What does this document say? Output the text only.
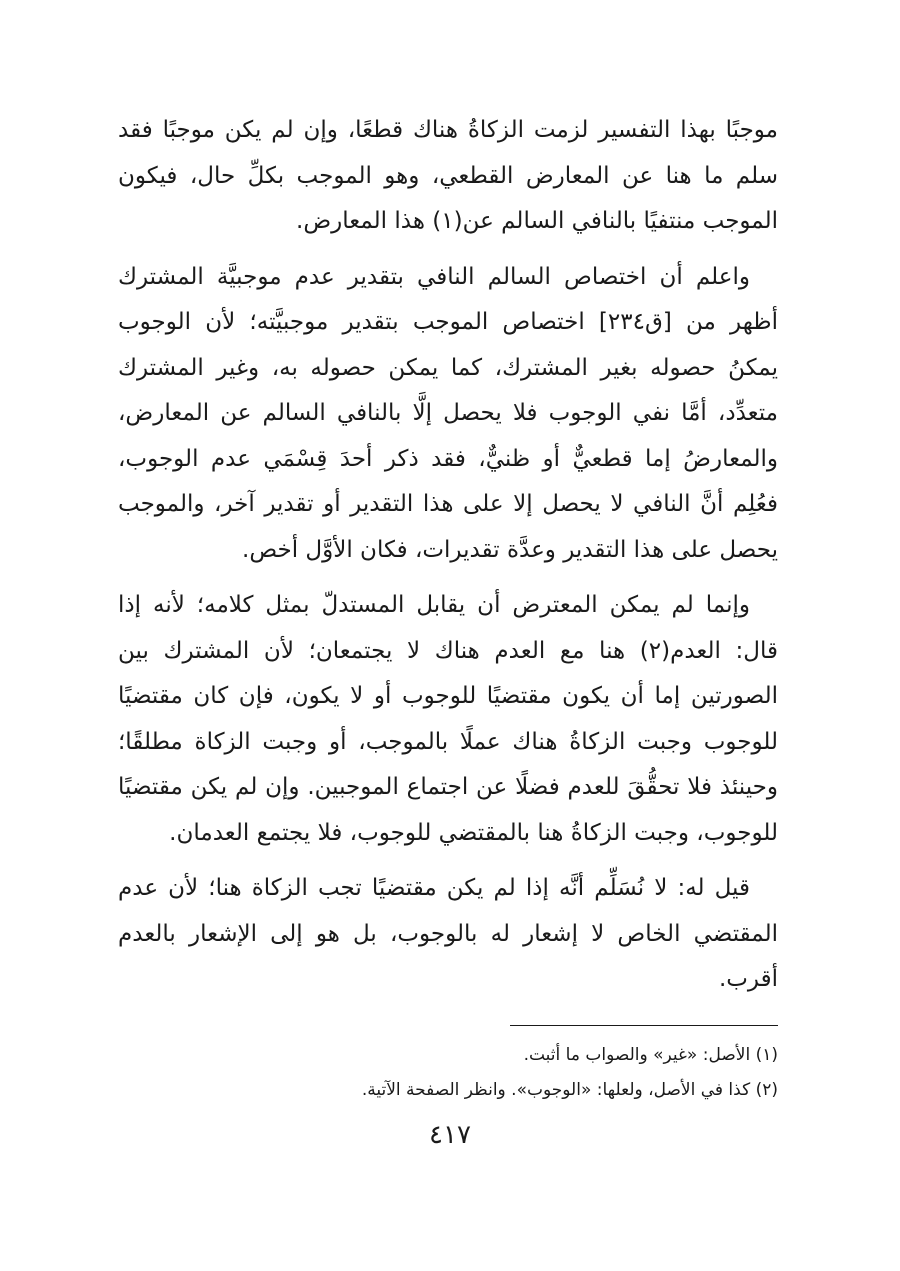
موجبًا بهذا التفسير لزمت الزكاةُ هناك قطعًا، وإن لم يكن موجبًا فقد سلم ما هنا عن المعارض القطعي، وهو الموجب بكلِّ حال، فيكون الموجب منتفيًا بالنافي السالم عن(١) هذا المعارض.

واعلم أن اختصاص السالم النافي بتقدير عدم موجبيَّة المشترك أظهر من [ق٢٣٤] اختصاص الموجب بتقدير موجبيَّته؛ لأن الوجوب يمكنُ حصوله بغير المشترك، كما يمكن حصوله به، وغير المشترك متعدِّد، أمَّا نفي الوجوب فلا يحصل إلَّا بالنافي السالم عن المعارض، والمعارضُ إما قطعيٌّ أو ظنيٌّ، فقد ذكر أحدَ قِسْمَي عدم الوجوب، فعُلِم أنَّ النافي لا يحصل إلا على هذا التقدير أو تقدير آخر، والموجب يحصل على هذا التقدير وعدَّة تقديرات، فكان الأوَّل أخص.

وإنما لم يمكن المعترض أن يقابل المستدلّ بمثل كلامه؛ لأنه إذا قال: العدم(٢) هنا مع العدم هناك لا يجتمعان؛ لأن المشترك بين الصورتين إما أن يكون مقتضيًا للوجوب أو لا يكون، فإن كان مقتضيًا للوجوب وجبت الزكاةُ هناك عملًا بالموجب، أو وجبت الزكاة مطلقًا؛ وحينئذ فلا تحقُّقَ للعدم فضلًا عن اجتماع الموجبين. وإن لم يكن مقتضيًا للوجوب، وجبت الزكاةُ هنا بالمقتضي للوجوب، فلا يجتمع العدمان.

قيل له: لا نُسَلِّم أنَّه إذا لم يكن مقتضيًا تجب الزكاة هنا؛ لأن عدم المقتضي الخاص لا إشعار له بالوجوب، بل هو إلى الإشعار بالعدم أقرب.

(١) الأصل: «غير» والصواب ما أثبت.
(٢) كذا في الأصل، ولعلها: «الوجوب». وانظر الصفحة الآتية.
٤١٧
